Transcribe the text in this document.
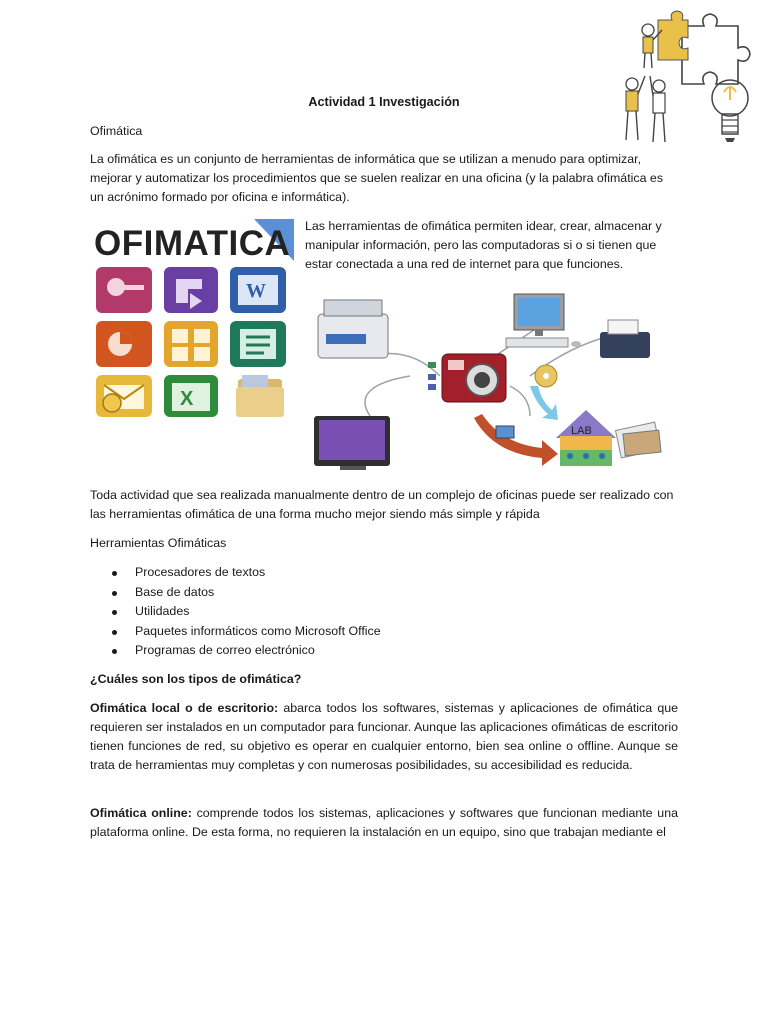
Actividad 1 Investigación
Ofimática
La ofimática es un conjunto de herramientas de informática que se utilizan a menudo para optimizar, mejorar y automatizar los procedimientos que se suelen realizar en una oficina (y la palabra ofimática es un acrónimo formado por oficina e informática).
OFIMATICA
W
X
Las herramientas de ofimática permiten idear, crear, almacenar y manipular información, pero las computadoras si o si tienen que estar conectada a una red de internet para que funciones.
LAB
Toda actividad que sea realizada manualmente dentro de un complejo de oficinas puede ser realizado con las herramientas ofimática de una forma mucho mejor siendo más simple y rápida
Herramientas Ofimáticas
Procesadores de textos
Base de datos
Utilidades
Paquetes informáticos como Microsoft Office
Programas de correo electrónico
¿Cuáles son los tipos de ofimática?
Ofimática local o de escritorio: abarca todos los softwares, sistemas y aplicaciones de ofimática que requieren ser instalados en un computador para funcionar. Aunque las aplicaciones ofimáticas de escritorio tienen funciones de red, su objetivo es operar en cualquier entorno, bien sea online o offline. Aunque se trata de herramientas muy completas y con numerosas posibilidades, su accesibilidad es reducida.
Ofimática online: comprende todos los sistemas, aplicaciones y softwares que funcionan mediante una plataforma online. De esta forma, no requieren la instalación en un equipo, sino que trabajan mediante el
